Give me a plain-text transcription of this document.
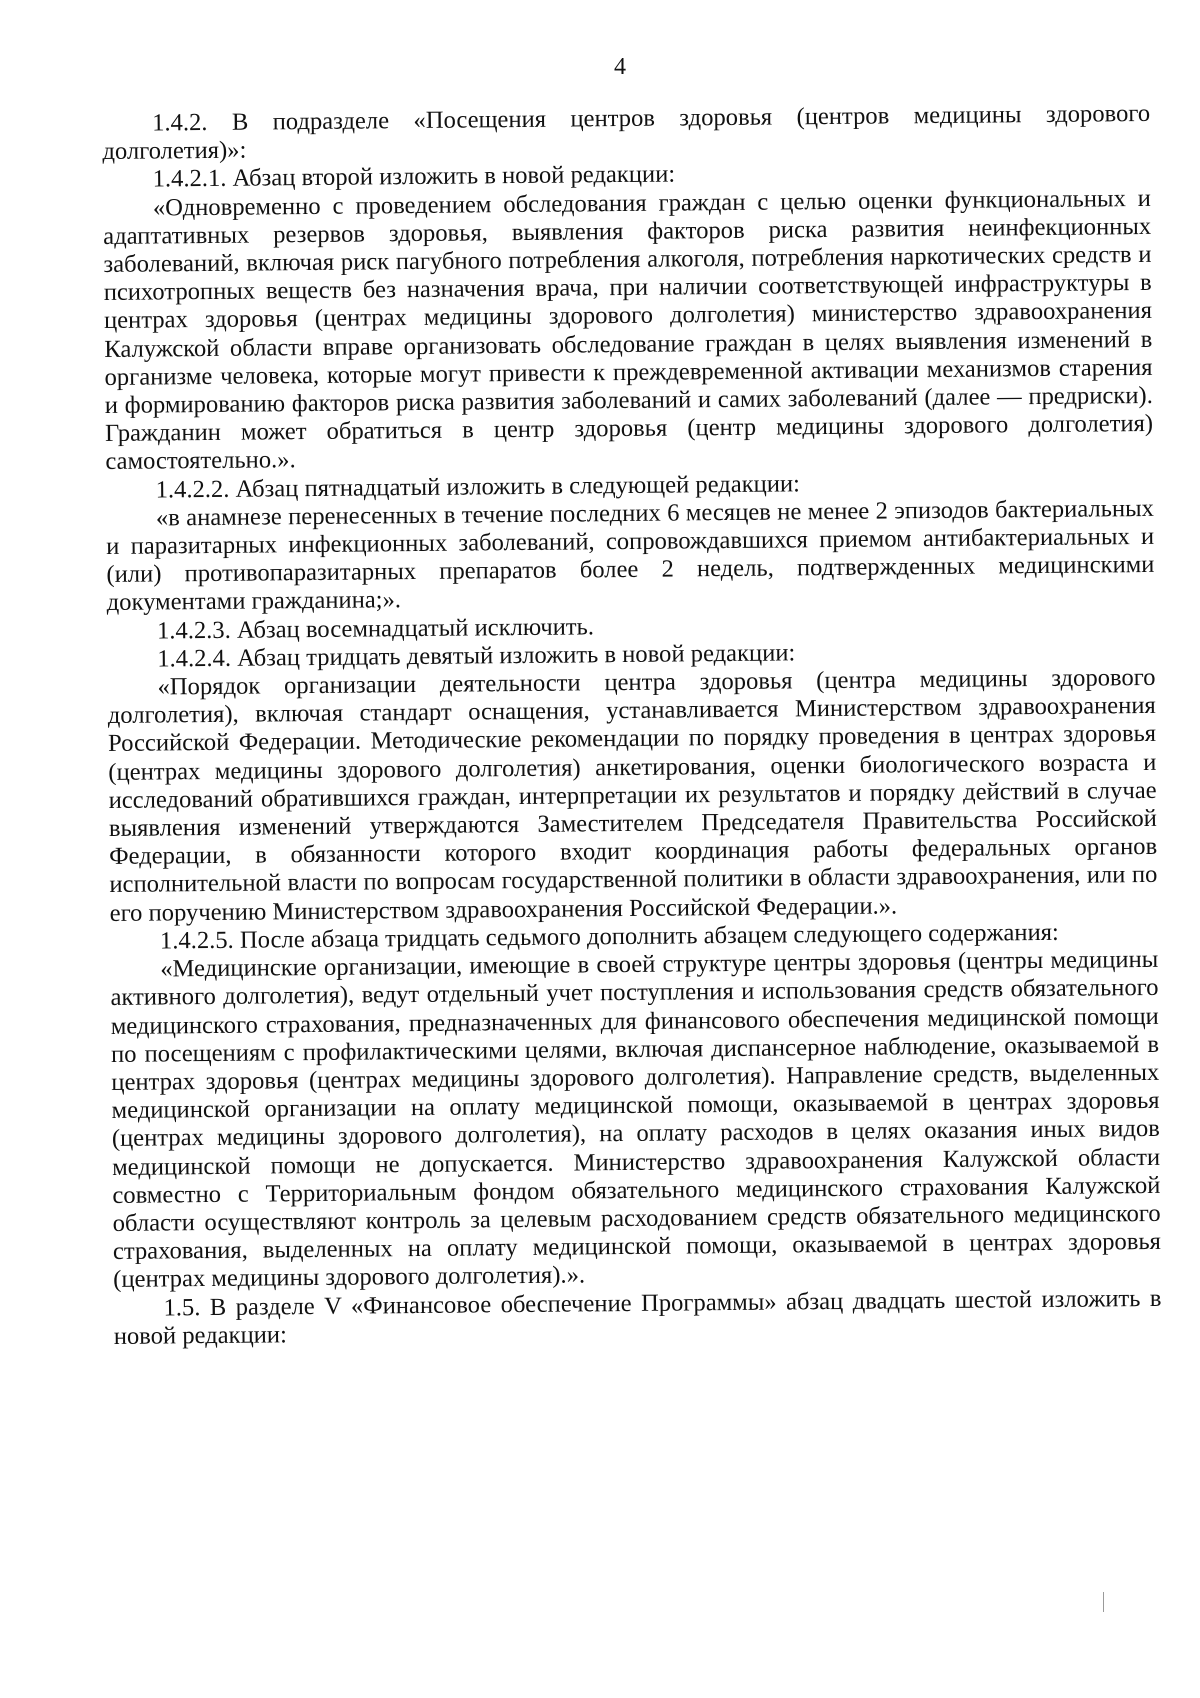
4

1.4.2. В подразделе «Посещения центров здоровья (центров медицины здорового долголетия)»:

1.4.2.1. Абзац второй изложить в новой редакции:

«Одновременно с проведением обследования граждан с целью оценки функциональных и адаптативных резервов здоровья, выявления факторов риска развития неинфекционных заболеваний, включая риск пагубного потребления алкоголя, потребления наркотических средств и психотропных веществ без назначения врача, при наличии соответствующей инфраструктуры в центрах здоровья (центрах медицины здорового долголетия) министерство здравоохранения Калужской области вправе организовать обследование граждан в целях выявления изменений в организме человека, которые могут привести к преждевременной активации механизмов старения и формированию факторов риска развития заболеваний и самих заболеваний (далее — предриски). Гражданин может обратиться в центр здоровья (центр медицины здорового долголетия) самостоятельно.».

1.4.2.2. Абзац пятнадцатый изложить в следующей редакции:

«в анамнезе перенесенных в течение последних 6 месяцев не менее 2 эпизодов бактериальных и паразитарных инфекционных заболеваний, сопровождавшихся приемом антибактериальных и (или) противопаразитарных препаратов более 2 недель, подтвержденных медицинскими документами гражданина;».

1.4.2.3. Абзац восемнадцатый исключить.

1.4.2.4. Абзац тридцать девятый изложить в новой редакции:

«Порядок организации деятельности центра здоровья (центра медицины здорового долголетия), включая стандарт оснащения, устанавливается Министерством здравоохранения Российской Федерации. Методические рекомендации по порядку проведения в центрах здоровья (центрах медицины здорового долголетия) анкетирования, оценки биологического возраста и исследований обратившихся граждан, интерпретации их результатов и порядку действий в случае выявления изменений утверждаются Заместителем Председателя Правительства Российской Федерации, в обязанности которого входит координация работы федеральных органов исполнительной власти по вопросам государственной политики в области здравоохранения, или по его поручению Министерством здравоохранения Российской Федерации.».

1.4.2.5. После абзаца тридцать седьмого дополнить абзацем следующего содержания:

«Медицинские организации, имеющие в своей структуре центры здоровья (центры медицины активного долголетия), ведут отдельный учет поступления и использования средств обязательного медицинского страхования, предназначенных для финансового обеспечения медицинской помощи по посещениям с профилактическими целями, включая диспансерное наблюдение, оказываемой в центрах здоровья (центрах медицины здорового долголетия). Направление средств, выделенных медицинской организации на оплату медицинской помощи, оказываемой в центрах здоровья (центрах медицины здорового долголетия), на оплату расходов в целях оказания иных видов медицинской помощи не допускается. Министерство здравоохранения Калужской области совместно с Территориальным фондом обязательного медицинского страхования Калужской области осуществляют контроль за целевым расходованием средств обязательного медицинского страхования, выделенных на оплату медицинской помощи, оказываемой в центрах здоровья (центрах медицины здорового долголетия).».

1.5. В разделе V «Финансовое обеспечение Программы» абзац двадцать шестой изложить в новой редакции:
